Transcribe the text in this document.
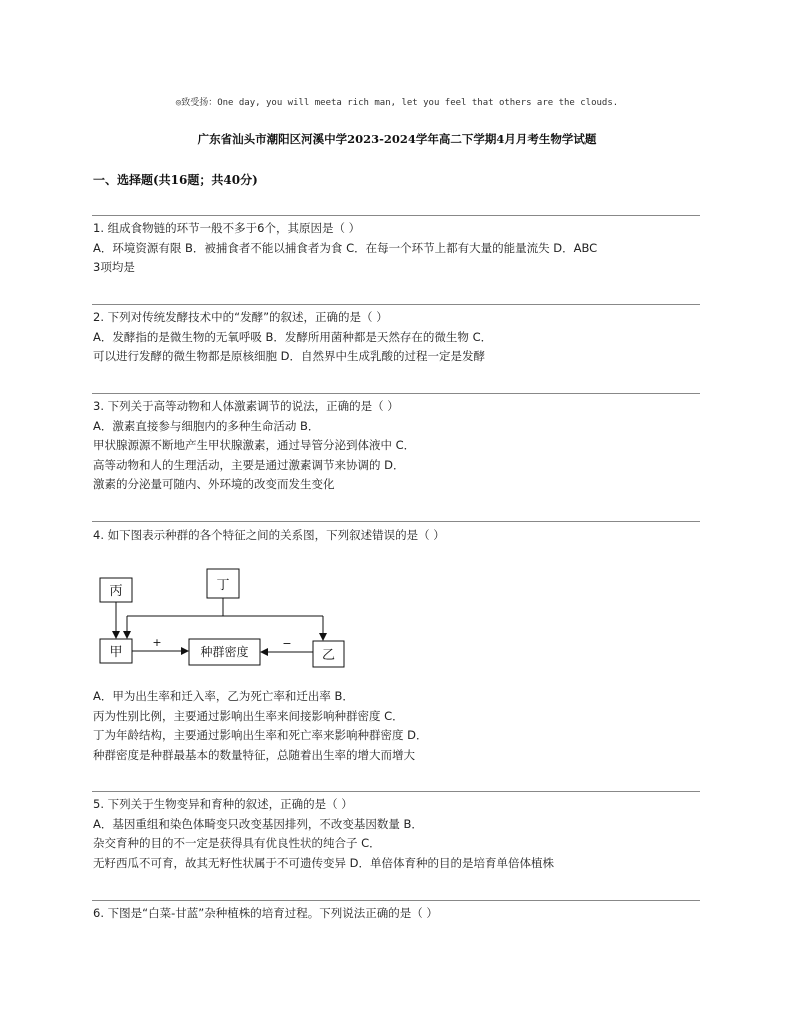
◎致受扬：One day, you will meeta rich man, let you feel that others are the clouds.
广东省汕头市潮阳区河溪中学2023-2024学年高二下学期4月月考生物学试题
一、选择题(共16题；共40分)
1. 组成食物链的环节一般不多于6个，其原因是（ ）
A．环境资源有限 B．被捕食者不能以捕食者为食 C．在每一个环节上都有大量的能量流失 D．ABC
3项均是
2. 下列对传统发酵技术中的“发酵”的叙述，正确的是（ ）
A．发酵指的是微生物的无氧呼吸 B．发酵所用菌种都是天然存在的微生物 C．
可以进行发酵的微生物都是原核细胞 D．自然界中生成乳酸的过程一定是发酵
3. 下列关于高等动物和人体激素调节的说法，正确的是（ ）
A．激素直接参与细胞内的多种生命活动 B．
甲状腺源源不断地产生甲状腺激素，通过导管分泌到体液中 C．
高等动物和人的生理活动，主要是通过激素调节来协调的 D．
激素的分泌量可随内、外环境的改变而发生变化
4. 如下图表示种群的各个特征之间的关系图，下列叙述错误的是（ ）
丙	丁
甲	种群密度	乙
+	−
A．甲为出生率和迁入率，乙为死亡率和迁出率 B．
丙为性别比例，主要通过影响出生率来间接影响种群密度 C．
丁为年龄结构，主要通过影响出生率和死亡率来影响种群密度 D．
种群密度是种群最基本的数量特征，总随着出生率的增大而增大
5. 下列关于生物变异和育种的叙述，正确的是（ ）
A．基因重组和染色体畸变只改变基因排列，不改变基因数量 B．
杂交育种的目的不一定是获得具有优良性状的纯合子 C．
无籽西瓜不可育，故其无籽性状属于不可遗传变异 D．单倍体育种的目的是培育单倍体植株
6. 下图是“白菜-甘蓝”杂种植株的培育过程。下列说法正确的是（ ）
